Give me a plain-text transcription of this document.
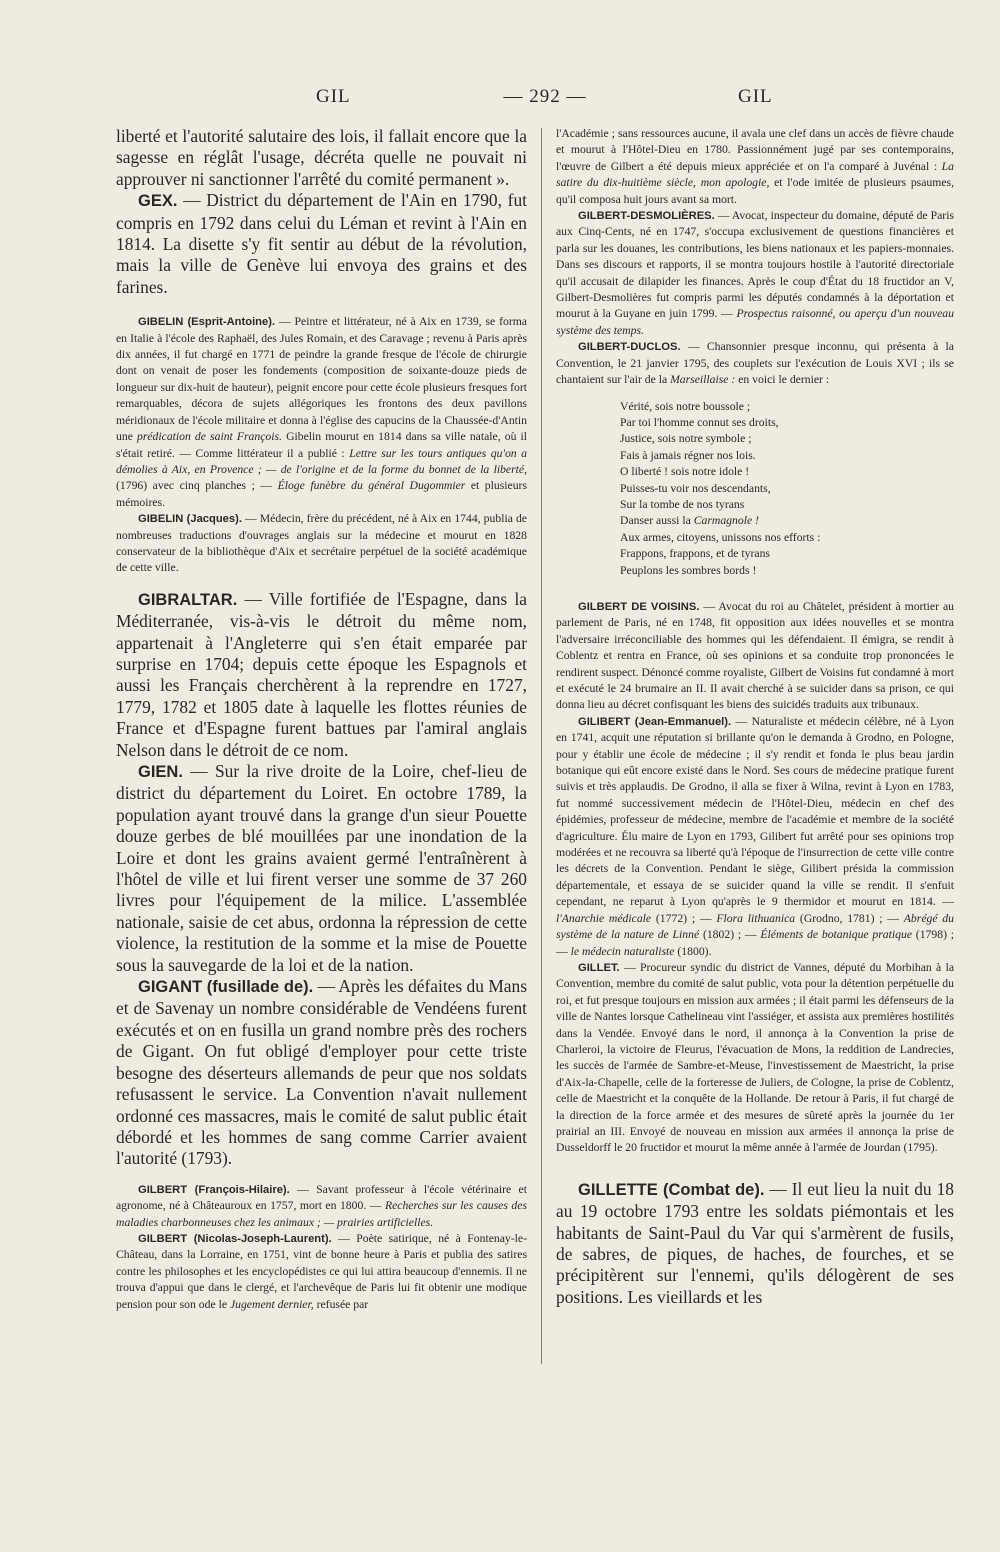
GIL	— 292 —	GIL

liberté et l'autorité salutaire des lois, il fallait encore que la sagesse en réglât l'usage, décréta quelle ne pouvait ni approuver ni sanctionner l'arrêté du comité permanent ».

GEX. — District du département de l'Ain en 1790, fut compris en 1792 dans celui du Léman et revint à l'Ain en 1814. La disette s'y fit sentir au début de la révolution, mais la ville de Genève lui envoya des grains et des farines.

GIBELIN (Esprit-Antoine). — Peintre et littérateur, né à Aix en 1739, se forma en Italie à l'école des Raphaël, des Jules Romain, et des Caravage ; revenu à Paris après dix années, il fut chargé en 1771 de peindre la grande fresque de l'école de chirurgie dont on venait de poser les fondements (composition de soixante-douze pieds de longueur sur dix-huit de hauteur), peignit encore pour cette école plusieurs fresques fort remarquables, décora de sujets allégoriques les frontons des deux pavillons méridionaux de l'école militaire et donna à l'église des capucins de la Chaussée-d'Antin une prédication de saint François. Gibelin mourut en 1814 dans sa ville natale, où il s'était retiré. — Comme littérateur il a publié : Lettre sur les tours antiques qu'on a démolies à Aix, en Provence ; — de l'origine et de la forme du bonnet de la liberté, (1796) avec cinq planches ; — Éloge funèbre du général Dugommier et plusieurs mémoires.

GIBELIN (Jacques). — Médecin, frère du précédent, né à Aix en 1744, publia de nombreuses traductions d'ouvrages anglais sur la médecine et mourut en 1828 conservateur de la bibliothèque d'Aix et secrétaire perpétuel de la société académique de cette ville.

GIBRALTAR. — Ville fortifiée de l'Espagne, dans la Méditerranée, vis-à-vis le détroit du même nom, appartenait à l'Angleterre qui s'en était emparée par surprise en 1704; depuis cette époque les Espagnols et aussi les Français cherchèrent à la reprendre en 1727, 1779, 1782 et 1805 date à laquelle les flottes réunies de France et d'Espagne furent battues par l'amiral anglais Nelson dans le détroit de ce nom.

GIEN. — Sur la rive droite de la Loire, chef-lieu de district du département du Loiret. En octobre 1789, la population ayant trouvé dans la grange d'un sieur Pouette douze gerbes de blé mouillées par une inondation de la Loire et dont les grains avaient germé l'entraînèrent à l'hôtel de ville et lui firent verser une somme de 37 260 livres pour l'équipement de la milice. L'assemblée nationale, saisie de cet abus, ordonna la répression de cette violence, la restitution de la somme et la mise de Pouette sous la sauvegarde de la loi et de la nation.

GIGANT (fusillade de). — Après les défaites du Mans et de Savenay un nombre considérable de Vendéens furent exécutés et on en fusilla un grand nombre près des rochers de Gigant. On fut obligé d'employer pour cette triste besogne des déserteurs allemands de peur que nos soldats refusassent le service. La Convention n'avait nullement ordonné ces massacres, mais le comité de salut public était débordé et les hommes de sang comme Carrier avaient l'autorité (1793).

GILBERT (François-Hilaire). — Savant professeur à l'école vétérinaire et agronome, né à Châteauroux en 1757, mort en 1800. — Recherches sur les causes des maladies charbonneuses chez les animaux ; — prairies artificielles.

GILBERT (Nicolas-Joseph-Laurent). — Poète satirique, né à Fontenay-le-Château, dans la Lorraine, en 1751, vint de bonne heure à Paris et publia des satires contre les philosophes et les encyclopédistes ce qui lui attira beaucoup d'ennemis. Il ne trouva d'appui que dans le clergé, et l'archevêque de Paris lui fit obtenir une modique pension pour son ode le Jugement dernier, refusée par

l'Académie ; sans ressources aucune, il avala une clef dans un accès de fièvre chaude et mourut à l'Hôtel-Dieu en 1780. Passionnément jugé par ses contemporains, l'œuvre de Gilbert a été depuis mieux appréciée et on l'a comparé à Juvénal : La satire du dix-huitième siècle, mon apologie, et l'ode imitée de plusieurs psaumes, qu'il composa huit jours avant sa mort.

GILBERT-DESMOLIÈRES. — Avocat, inspecteur du domaine, député de Paris aux Cinq-Cents, né en 1747, s'occupa exclusivement de questions financières et parla sur les douanes, les contributions, les biens nationaux et les papiers-monnaies. Dans ses discours et rapports, il se montra toujours hostile à l'autorité directoriale qu'il accusait de dilapider les finances. Après le coup d'État du 18 fructidor an V, Gilbert-Desmolières fut compris parmi les députés condamnés à la déportation et mourut à la Guyane en juin 1799. — Prospectus raisonné, ou aperçu d'un nouveau système des temps.

GILBERT-DUCLOS. — Chansonnier presque inconnu, qui présenta à la Convention, le 21 janvier 1795, des couplets sur l'exécution de Louis XVI ; ils se chantaient sur l'air de la Marseillaise : en voici le dernier :

Vérité, sois notre boussole ;
Par toi l'homme connut ses droits,
Justice, sois notre symbole ;
Fais à jamais régner nos lois.
O liberté ! sois notre idole !
Puisses-tu voir nos descendants,
Sur la tombe de nos tyrans
Danser aussi la Carmagnole !
Aux armes, citoyens, unissons nos efforts :
Frappons, frappons, et de tyrans
Peuplons les sombres bords !

GILBERT DE VOISINS. — Avocat du roi au Châtelet, président à mortier au parlement de Paris, né en 1748, fit opposition aux idées nouvelles et se montra l'adversaire irréconciliable des hommes qui les défendaient. Il émigra, se rendit à Coblentz et rentra en France, où ses opinions et sa conduite trop prononcées le rendirent suspect. Dénoncé comme royaliste, Gilbert de Voisins fut condamné à mort et exécuté le 24 brumaire an II. Il avait cherché à se suicider dans sa prison, ce qui donna lieu au décret confisquant les biens des suicidés traduits aux tribunaux.

GILIBERT (Jean-Emmanuel). — Naturaliste et médecin célèbre, né à Lyon en 1741, acquit une réputation si brillante qu'on le demanda à Grodno, en Pologne, pour y établir une école de médecine ; il s'y rendit et fonda le plus beau jardin botanique qui eût encore existé dans le Nord. Ses cours de médecine pratique furent suivis et très applaudis. De Grodno, il alla se fixer à Wilna, revint à Lyon en 1783, fut nommé successivement médecin de l'Hôtel-Dieu, médecin en chef des épidémies, professeur de médecine, membre de l'académie et membre de la société d'agriculture. Élu maire de Lyon en 1793, Gilibert fut arrêté pour ses opinions trop modérées et ne recouvra sa liberté qu'à l'époque de l'insurrection de cette ville contre les décrets de la Convention. Pendant le siège, Gilibert présida la commission départementale, et essaya de se suicider quand la ville se rendit. Il s'enfuit cependant, ne reparut à Lyon qu'après le 9 thermidor et mourut en 1814. — l'Anarchie médicale (1772) ; — Flora lithuanica (Grodno, 1781) ; — Abrégé du système de la nature de Linné (1802) ; — Éléments de botanique pratique (1798) ; — le médecin naturaliste (1800).

GILLET. — Procureur syndic du district de Vannes, député du Morbihan à la Convention, membre du comité de salut public, vota pour la détention perpétuelle du roi, et fut presque toujours en mission aux armées ; il était parmi les défenseurs de la ville de Nantes lorsque Cathelineau vint l'assiéger, et assista aux premières hostilités dans la Vendée. Envoyé dans le nord, il annonça à la Convention la prise de Charleroi, la victoire de Fleurus, l'évacuation de Mons, la reddition de Landrecies, les succès de l'armée de Sambre-et-Meuse, l'investissement de Maestricht, la prise d'Aix-la-Chapelle, celle de la forteresse de Juliers, de Cologne, la prise de Coblentz, celle de Maestricht et la conquête de la Hollande. De retour à Paris, il fut chargé de la direction de la force armée et des mesures de sûreté après la journée du 1er prairial an III. Envoyé de nouveau en mission aux armées il annonça la prise de Dusseldorff le 20 fructidor et mourut la même année à l'armée de Jourdan (1795).

GILLETTE (Combat de). — Il eut lieu la nuit du 18 au 19 octobre 1793 entre les soldats piémontais et les habitants de Saint-Paul du Var qui s'armèrent de fusils, de sabres, de piques, de haches, de fourches, et se précipitèrent sur l'ennemi, qu'ils délogèrent de ses positions. Les vieillards et les
